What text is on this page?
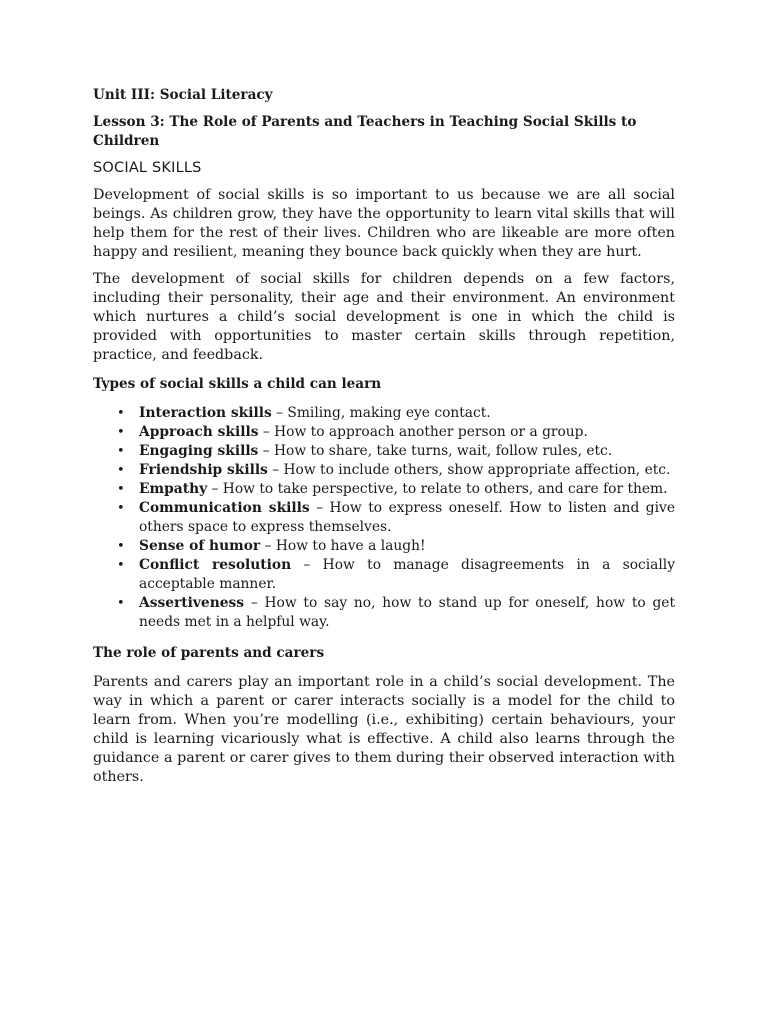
Unit III: Social Literacy

Lesson 3: The Role of Parents and Teachers in Teaching Social Skills to Children

SOCIAL SKILLS

Development of social skills is so important to us because we are all social beings. As children grow, they have the opportunity to learn vital skills that will help them for the rest of their lives. Children who are likeable are more often happy and resilient, meaning they bounce back quickly when they are hurt.

The development of social skills for children depends on a few factors, including their personality, their age and their environment. An environment which nurtures a child’s social development is one in which the child is provided with opportunities to master certain skills through repetition, practice, and feedback.

Types of social skills a child can learn

• Interaction skills – Smiling, making eye contact.
• Approach skills – How to approach another person or a group.
• Engaging skills – How to share, take turns, wait, follow rules, etc.
• Friendship skills – How to include others, show appropriate affection, etc.
• Empathy – How to take perspective, to relate to others, and care for them.
• Communication skills – How to express oneself. How to listen and give others space to express themselves.
• Sense of humor – How to have a laugh!
• Conflict resolution – How to manage disagreements in a socially acceptable manner.
• Assertiveness – How to say no, how to stand up for oneself, how to get needs met in a helpful way.

The role of parents and carers

Parents and carers play an important role in a child’s social development. The way in which a parent or carer interacts socially is a model for the child to learn from. When you’re modelling (i.e., exhibiting) certain behaviours, your child is learning vicariously what is effective. A child also learns through the guidance a parent or carer gives to them during their observed interaction with others.
